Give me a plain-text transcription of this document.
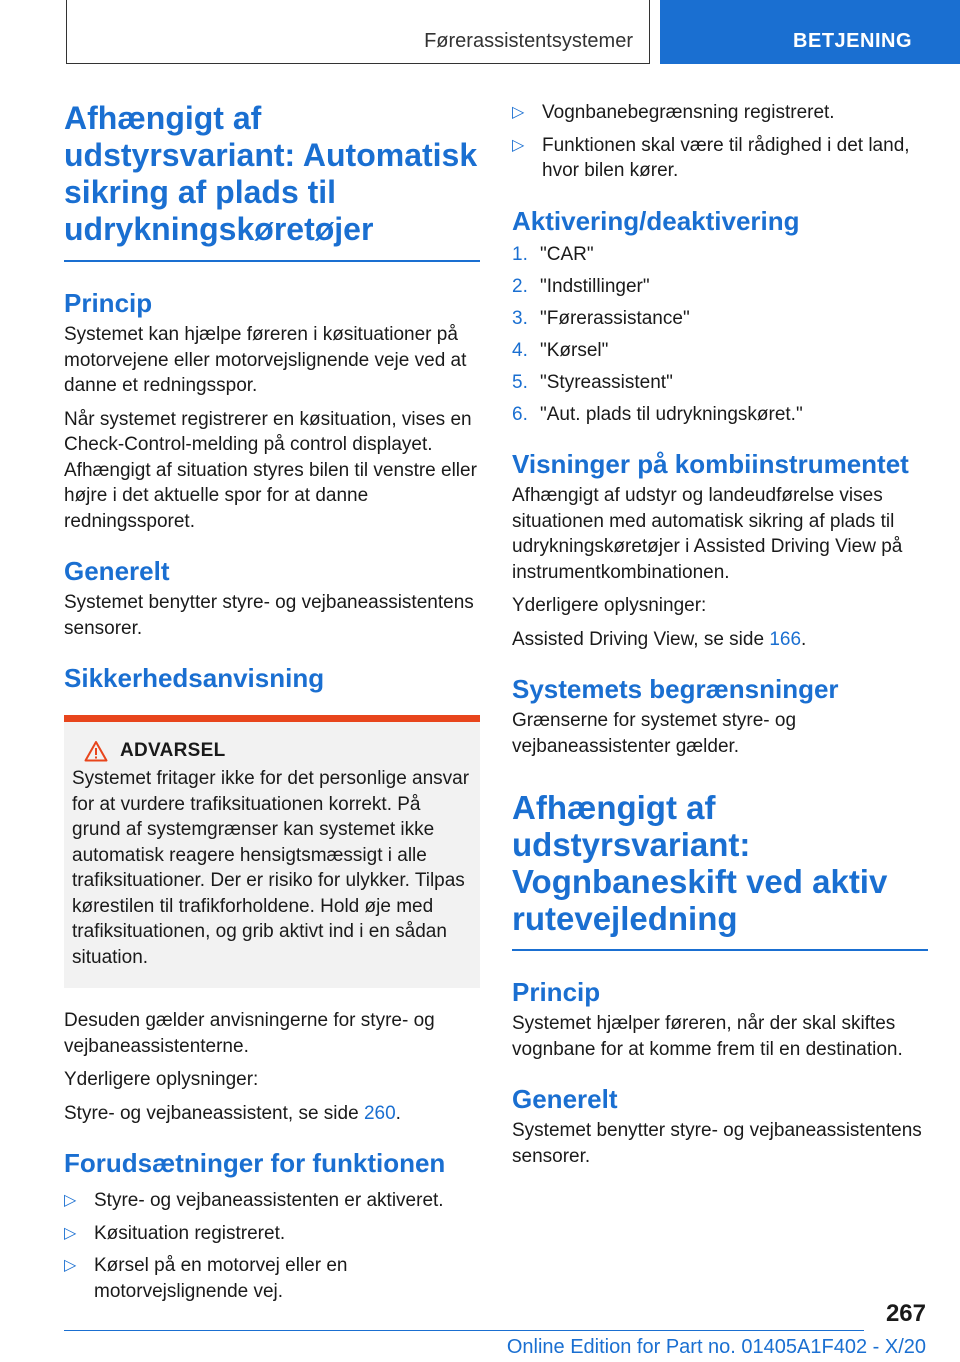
Førerassistentsystemer	BETJENING
Afhængigt af udstyrsvariant: Automatisk sikring af plads til udrykningskøretøjer
Princip

Systemet kan hjælpe føreren i køsituationer på motorvejene eller motorvejslignende veje ved at danne et redningsspor.

Når systemet registrerer en køsituation, vises en Check-Control-melding på control displayet. Afhængigt af situation styres bilen til venstre eller højre i det aktuelle spor for at danne redningssporet.

Generelt

Systemet benytter styre- og vejbaneassistentens sensorer.

Sikkerhedsanvisning
ADVARSEL

Systemet fritager ikke for det personlige ansvar for at vurdere trafiksituationen korrekt. På grund af systemgrænser kan systemet ikke automatisk reagere hensigtsmæssigt i alle trafiksituationer. Der er risiko for ulykker. Tilpas kørestilen til trafikforholdene. Hold øje med trafiksituationen, og grib aktivt ind i en sådan situation.

Desuden gælder anvisningerne for styre- og vejbaneassistenterne.

Yderligere oplysninger:

Styre- og vejbaneassistent, se side 260.

Forudsætninger for funktionen
▷ Styre- og vejbaneassistenten er aktiveret.
▷ Køsituation registreret.
▷ Kørsel på en motorvej eller en motorvejslignende vej.
▷ Vognbanebegrænsning registreret.
▷ Funktionen skal være til rådighed i det land, hvor bilen kører.
Aktivering/deaktivering
1. "CAR"
2. "Indstillinger"
3. "Førerassistance"
4. "Kørsel"
5. "Styreassistent"
6. "Aut. plads til udrykningskøret."
Visninger på kombiinstrumentet

Afhængigt af udstyr og landeudførelse vises situationen med automatisk sikring af plads til udrykningskøretøjer i Assisted Driving View på instrumentkombinationen.

Yderligere oplysninger:

Assisted Driving View, se side 166.

Systemets begrænsninger

Grænserne for systemet styre- og vejbaneassistenter gælder.

Afhængigt af udstyrsvariant: Vognbaneskift ved aktiv rutevejledning
Princip

Systemet hjælper føreren, når der skal skiftes vognbane for at komme frem til en destination.

Generelt

Systemet benytter styre- og vejbaneassistentens sensorer.

267
Online Edition for Part no. 01405A1F402 - X/20
